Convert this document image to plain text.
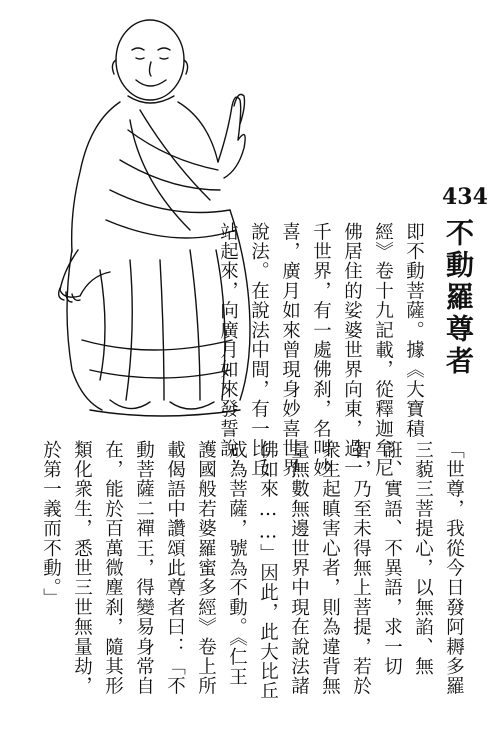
434
不動羅尊者
即不動菩薩。據《大寶積
經》卷十九記載，從釋迦牟尼
佛居住的娑婆世界向東，過一
千世界，有一處佛刹，名叫妙
喜，廣月如來曾現身妙喜世界
說法。在說法中間，有一比丘
站起來，向廣月如來發誓說：
「世尊，我從今日發阿耨多羅
三藐三菩提心，以無諂、無
誑、實語、不異語，求一切
智，乃至未得無上菩提，若於
衆生起瞋害心者，則為違背無
量無數無邊世界中現在說法諸
佛如來……」因此，此大比丘
成為菩薩，號為不動。《仁王
護國般若婆羅蜜多經》卷上所
載偈語中讚頌此尊者曰：「不
動菩薩二禪王，得變易身常自
在，能於百萬微塵刹，隨其形
類化衆生，悉世三世無量劫，
於第一義而不動。」
